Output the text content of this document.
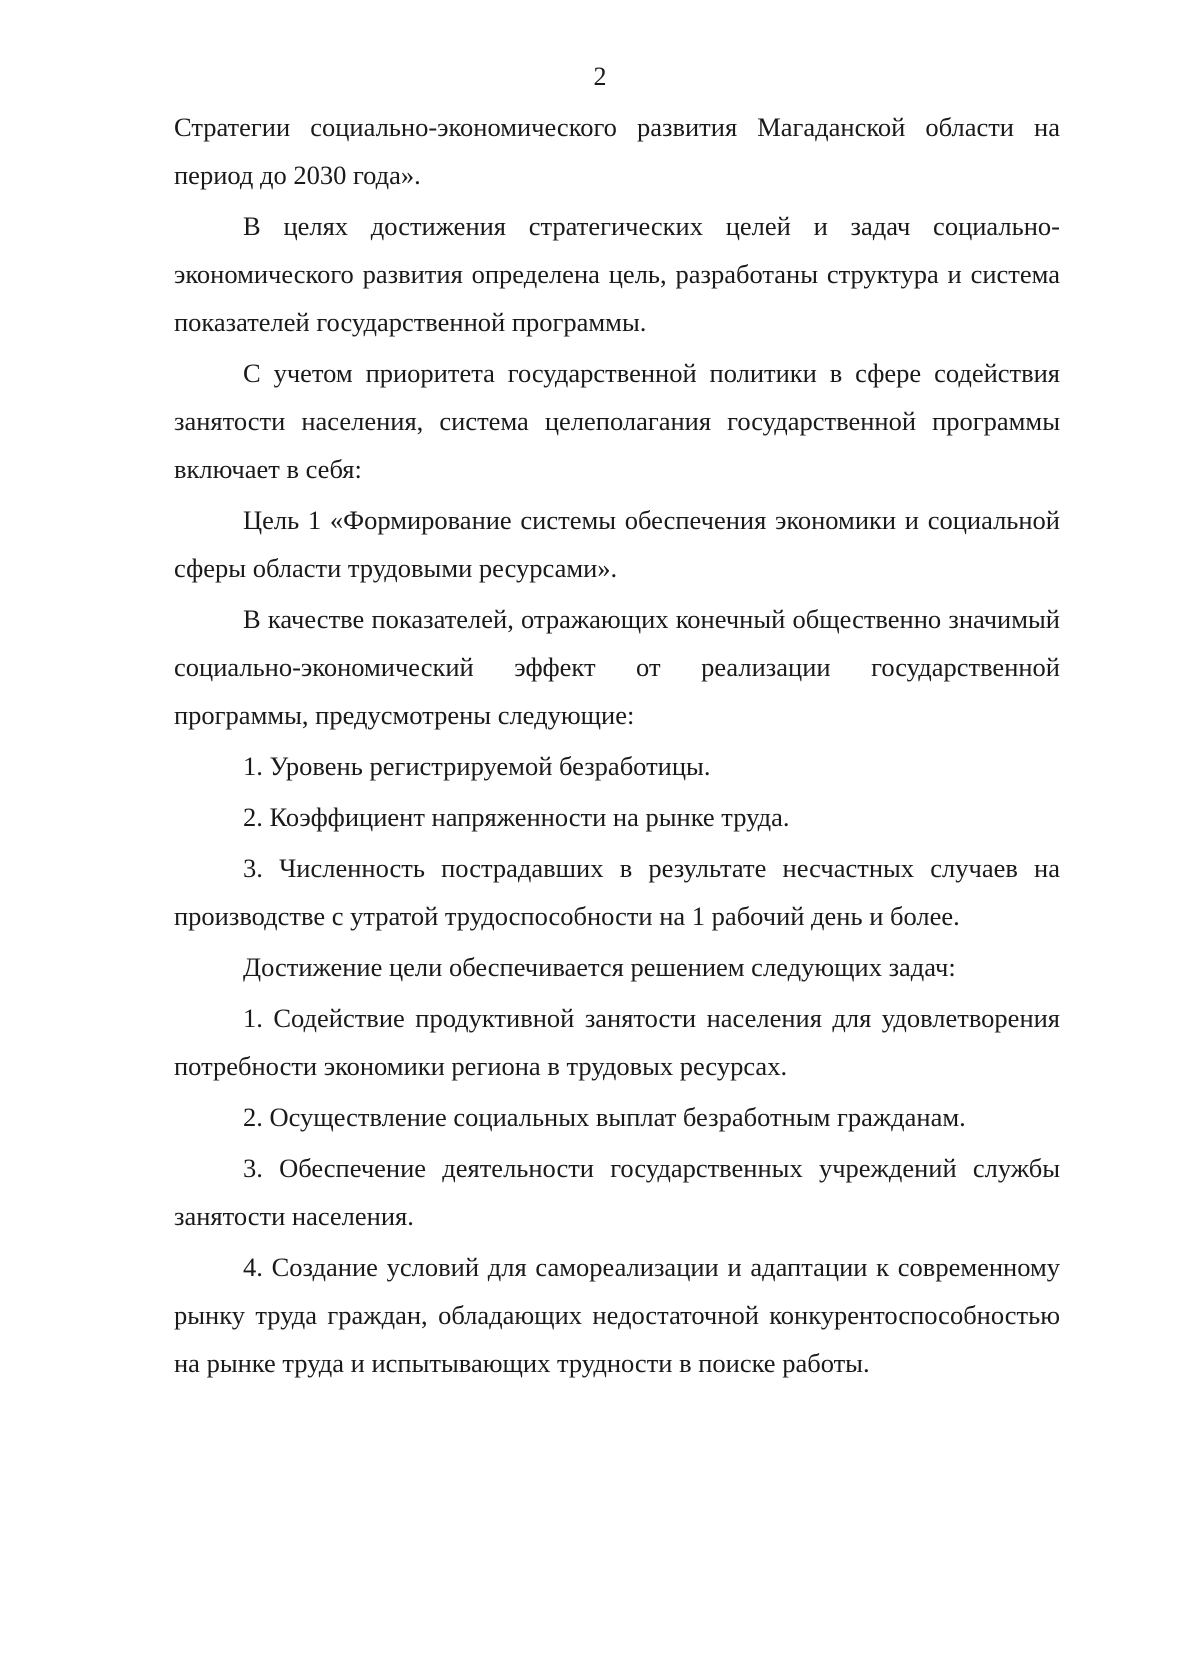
2

Стратегии социально-экономического развития Магаданской области на период до 2030 года».

В целях достижения стратегических целей и задач социально-экономического развития определена цель, разработаны структура и система показателей государственной программы.

С учетом приоритета государственной политики в сфере содействия занятости населения, система целеполагания государственной программы включает в себя:

Цель 1 «Формирование системы обеспечения экономики и социальной сферы области трудовыми ресурсами».

В качестве показателей, отражающих конечный общественно значимый социально-экономический эффект от реализации государственной программы, предусмотрены следующие:

1. Уровень регистрируемой безработицы.

2. Коэффициент напряженности на рынке труда.

3. Численность пострадавших в результате несчастных случаев на производстве с утратой трудоспособности на 1 рабочий день и более.

Достижение цели обеспечивается решением следующих задач:

1. Содействие продуктивной занятости населения для удовлетворения потребности экономики региона в трудовых ресурсах.

2. Осуществление социальных выплат безработным гражданам.

3. Обеспечение деятельности государственных учреждений службы занятости населения.

4. Создание условий для самореализации и адаптации к современному рынку труда граждан, обладающих недостаточной конкурентоспособностью на рынке труда и испытывающих трудности в поиске работы.
